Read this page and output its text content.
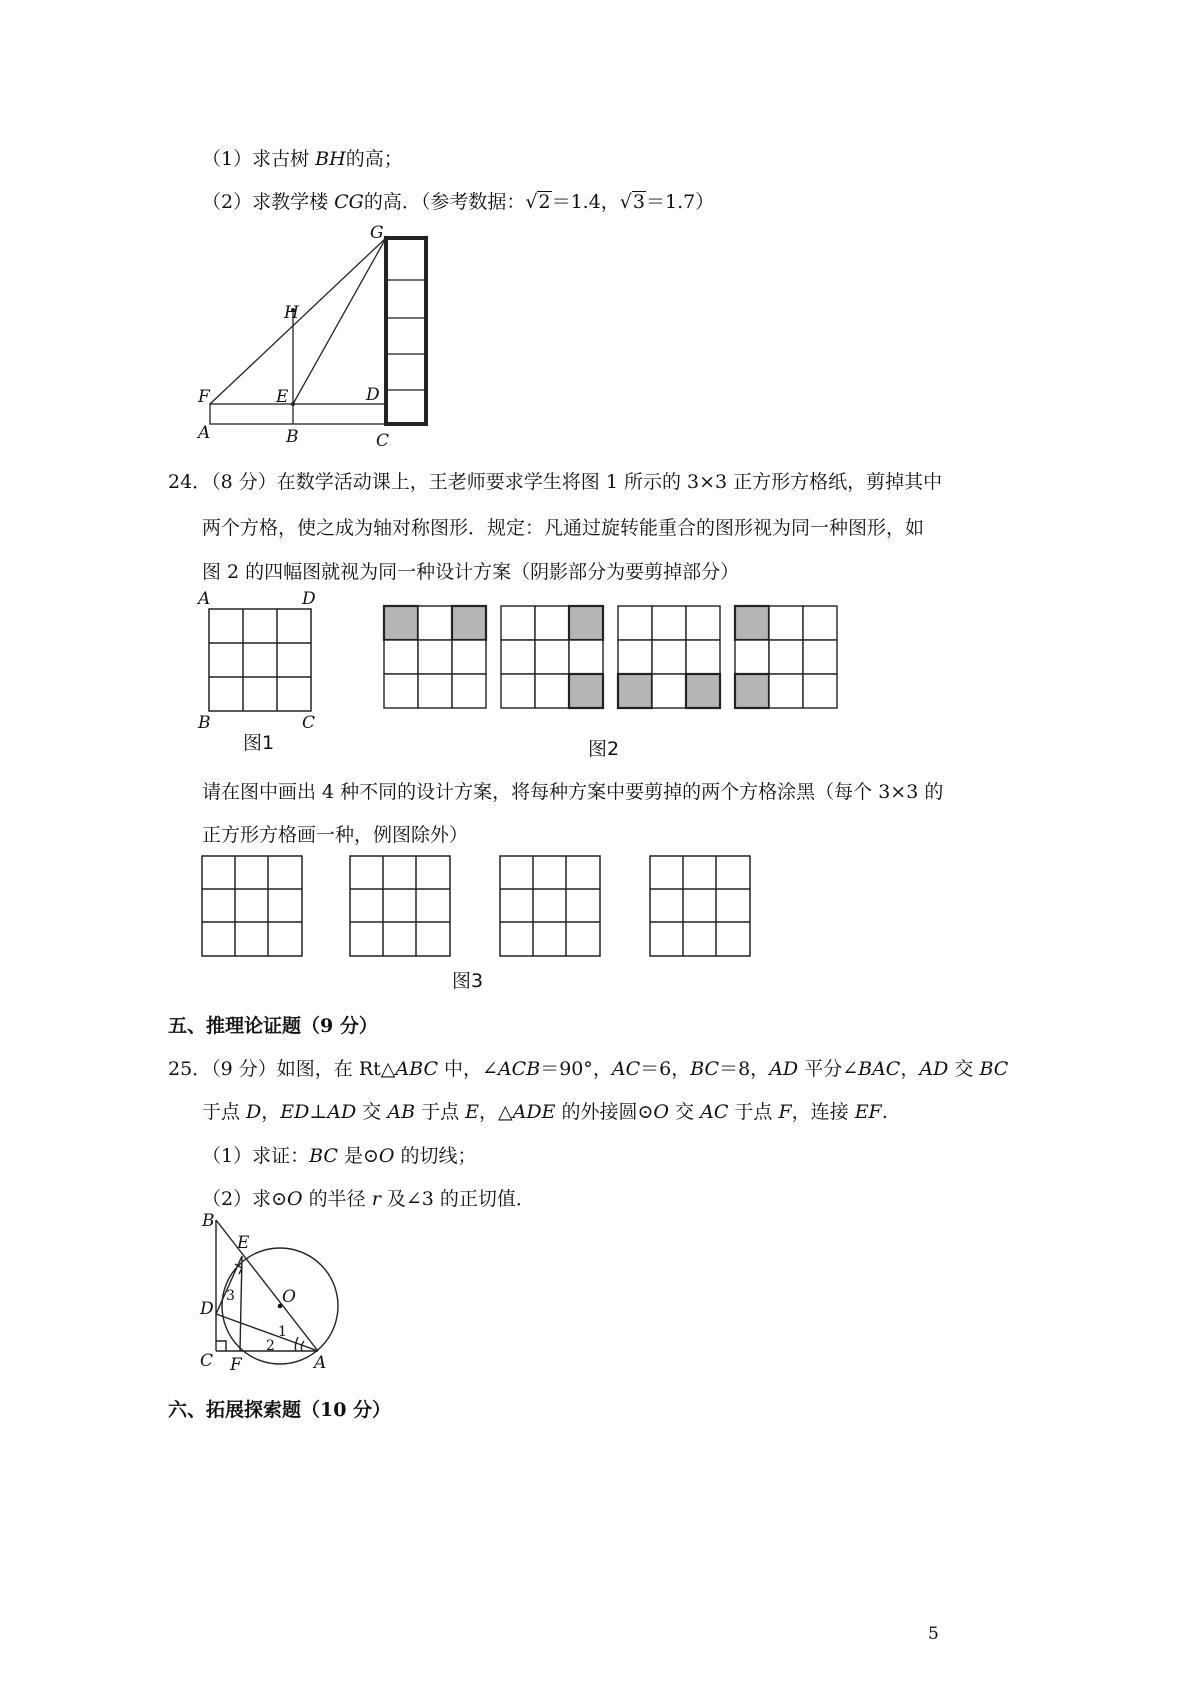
（1）求古树 BH的高；
（2）求教学楼 CG的高．（参考数据：√2＝1.4，√3＝1.7）
G
H
F	E	D
A	B	C
24．（8 分）在数学活动课上，王老师要求学生将图 1 所示的 3×3 正方形方格纸，剪掉其中
两个方格，使之成为轴对称图形．规定：凡通过旋转能重合的图形视为同一种图形，如
图 2 的四幅图就视为同一种设计方案（阴影部分为要剪掉部分）
A	D
B	C
图1	图2
请在图中画出 4 种不同的设计方案，将每种方案中要剪掉的两个方格涂黑（每个 3×3 的
正方形方格画一种，例图除外）
图3
五、推理论证题（9 分）
25．（9 分）如图，在 Rt△ABC 中，∠ACB＝90°，AC＝6，BC＝8，AD 平分∠BAC，AD 交 BC
于点 D，ED⊥AD 交 AB 于点 E，△ADE 的外接圆⊙O 交 AC 于点 F，连接 EF.
（1）求证：BC 是⊙O 的切线；
（2）求⊙O 的半径 r 及∠3 的正切值．
B
E
D
O
C F	A
1
2
3
六、拓展探索题（10 分）
5
